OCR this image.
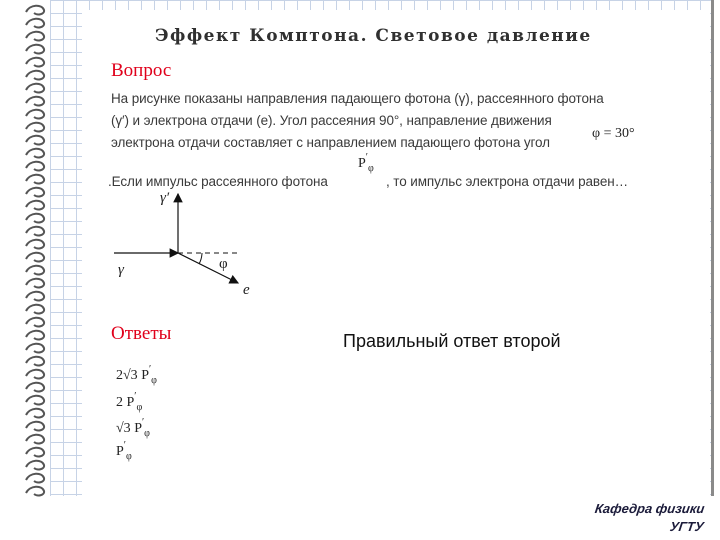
Эффект Комптона. Световое давление
Вопрос
На рисунке показаны направления падающего фотона (γ), рассеянного фотона
(γ′) и электрона отдачи (e). Угол рассеяния 90°, направление движения
электрона отдачи составляет с направлением падающего фотона угол
φ = 30°
.Если импульс рассеянного фотона
$P'_\varphi$
, то импульс электрона отдачи равен…
γ′
γ	φ
e
Ответы	Правильный ответ второй
2√3 $P'_\varphi$
2 $P'_\varphi$
√3 $P'_\varphi$
$P'_\varphi$
Кафедра физики
УГТУ
